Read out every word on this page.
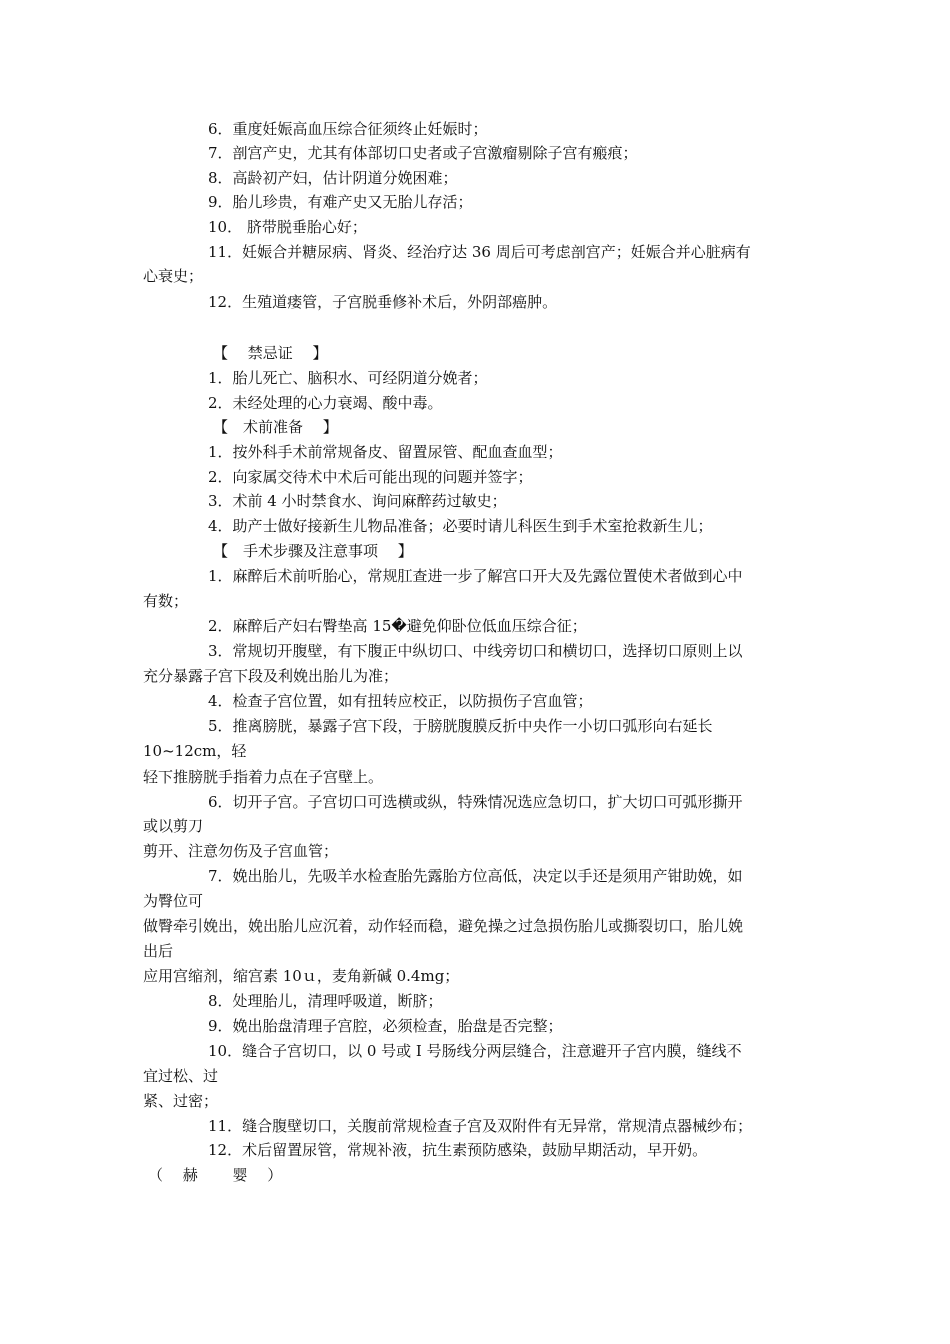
6．重度妊娠高血压综合征须终止妊娠时；
7．剖宫产史，尤其有体部切口史者或子宫激瘤剔除子宫有瘢痕；
8．高龄初产妇，估计阴道分娩困难；
9．胎儿珍贵，有难产史又无胎儿存活；
10． 脐带脱垂胎心好；
11．妊娠合并糖尿病、肾炎、经治疗达 36 周后可考虑剖宫产；妊娠合并心脏病有
心衰史；
12．生殖道瘘管，子宫脱垂修补术后，外阴部癌肿。
【　 禁忌证　 】
1．胎儿死亡、脑积水、可经阴道分娩者；
2．未经处理的心力衰竭、酸中毒。
【　术前准备　 】
1．按外科手术前常规备皮、留置尿管、配血查血型；
2．向家属交待术中术后可能出现的问题并签字；
3．术前 4 小时禁食水、询问麻醉药过敏史；
4．助产士做好接新生儿物品准备；必要时请儿科医生到手术室抢救新生儿；
【　手术步骤及注意事项　 】
1．麻醉后术前听胎心，常规肛查进一步了解宫口开大及先露位置使术者做到心中
有数；
2．麻醉后产妇右臀垫高 15�避免仰卧位低血压综合征；
3．常规切开腹壁，有下腹正中纵切口、中线旁切口和横切口，选择切口原则上以
充分暴露子宫下段及利娩出胎儿为准；
4．检查子宫位置，如有扭转应校正，以防损伤子宫血管；
5．推离膀胱，暴露子宫下段，于膀胱腹膜反折中央作一小切口弧形向右延长
10~12cm，轻
轻下推膀胱手指着力点在子宫壁上。
6．切开子宫。子宫切口可选横或纵，特殊情况选应急切口，扩大切口可弧形撕开
或以剪刀
剪开、注意勿伤及子宫血管；
7．娩出胎儿，先吸羊水检查胎先露胎方位高低，决定以手还是须用产钳助娩，如
为臀位可
做臀牵引娩出，娩出胎儿应沉着，动作轻而稳，避免操之过急损伤胎儿或撕裂切口，胎儿娩
出后
应用宫缩剂，缩宫素 10ｕ，麦角新碱 0.4mg；
8．处理胎儿，清理呼吸道，断脐；
9．娩出胎盘清理子宫腔，必须检查，胎盘是否完整；
10．缝合子宫切口，以 0 号或 I 号肠线分两层缝合，注意避开子宫内膜，缝线不
宜过松、过
紧、过密；
11．缝合腹壁切口，关腹前常规检查子宫及双附件有无异常，常规清点器械纱布；
12．术后留置尿管，常规补液，抗生素预防感染，鼓励早期活动，早开奶。
（　 赫　　 婴　 ）
